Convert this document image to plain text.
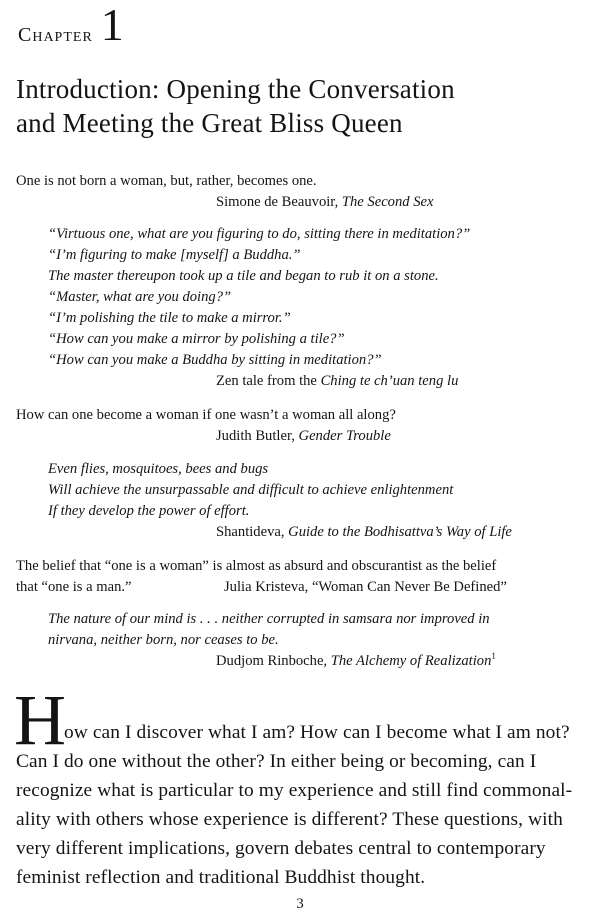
Chapter 1
Introduction: Opening the Conversation
and Meeting the Great Bliss Queen
One is not born a woman, but, rather, becomes one.
Simone de Beauvoir, The Second Sex
“Virtuous one, what are you figuring to do, sitting there in meditation?”
“I’m figuring to make [myself] a Buddha.”
The master thereupon took up a tile and began to rub it on a stone.
“Master, what are you doing?”
“I’m polishing the tile to make a mirror.”
“How can you make a mirror by polishing a tile?”
“How can you make a Buddha by sitting in meditation?”
Zen tale from the Ching te ch’uan teng lu
How can one become a woman if one wasn’t a woman all along?
Judith Butler, Gender Trouble
Even flies, mosquitoes, bees and bugs
Will achieve the unsurpassable and difficult to achieve enlightenment
If they develop the power of effort.
Shantideva, Guide to the Bodhisattva’s Way of Life
The belief that “one is a woman” is almost as absurd and obscurantist as the belief
that “one is a man.”	Julia Kristeva, “Woman Can Never Be Defined”
The nature of our mind is . . . neither corrupted in samsara nor improved in
nirvana, neither born, nor ceases to be.
Dudjom Rinboche, The Alchemy of Realization$^1$
H
ow can I discover what I am? How can I become what I am not?
Can I do one without the other? In either being or becoming, can I
recognize what is particular to my experience and still find commonal-
ality with others whose experience is different? These questions, with
very different implications, govern debates central to contemporary
feminist reflection and traditional Buddhist thought.
3
